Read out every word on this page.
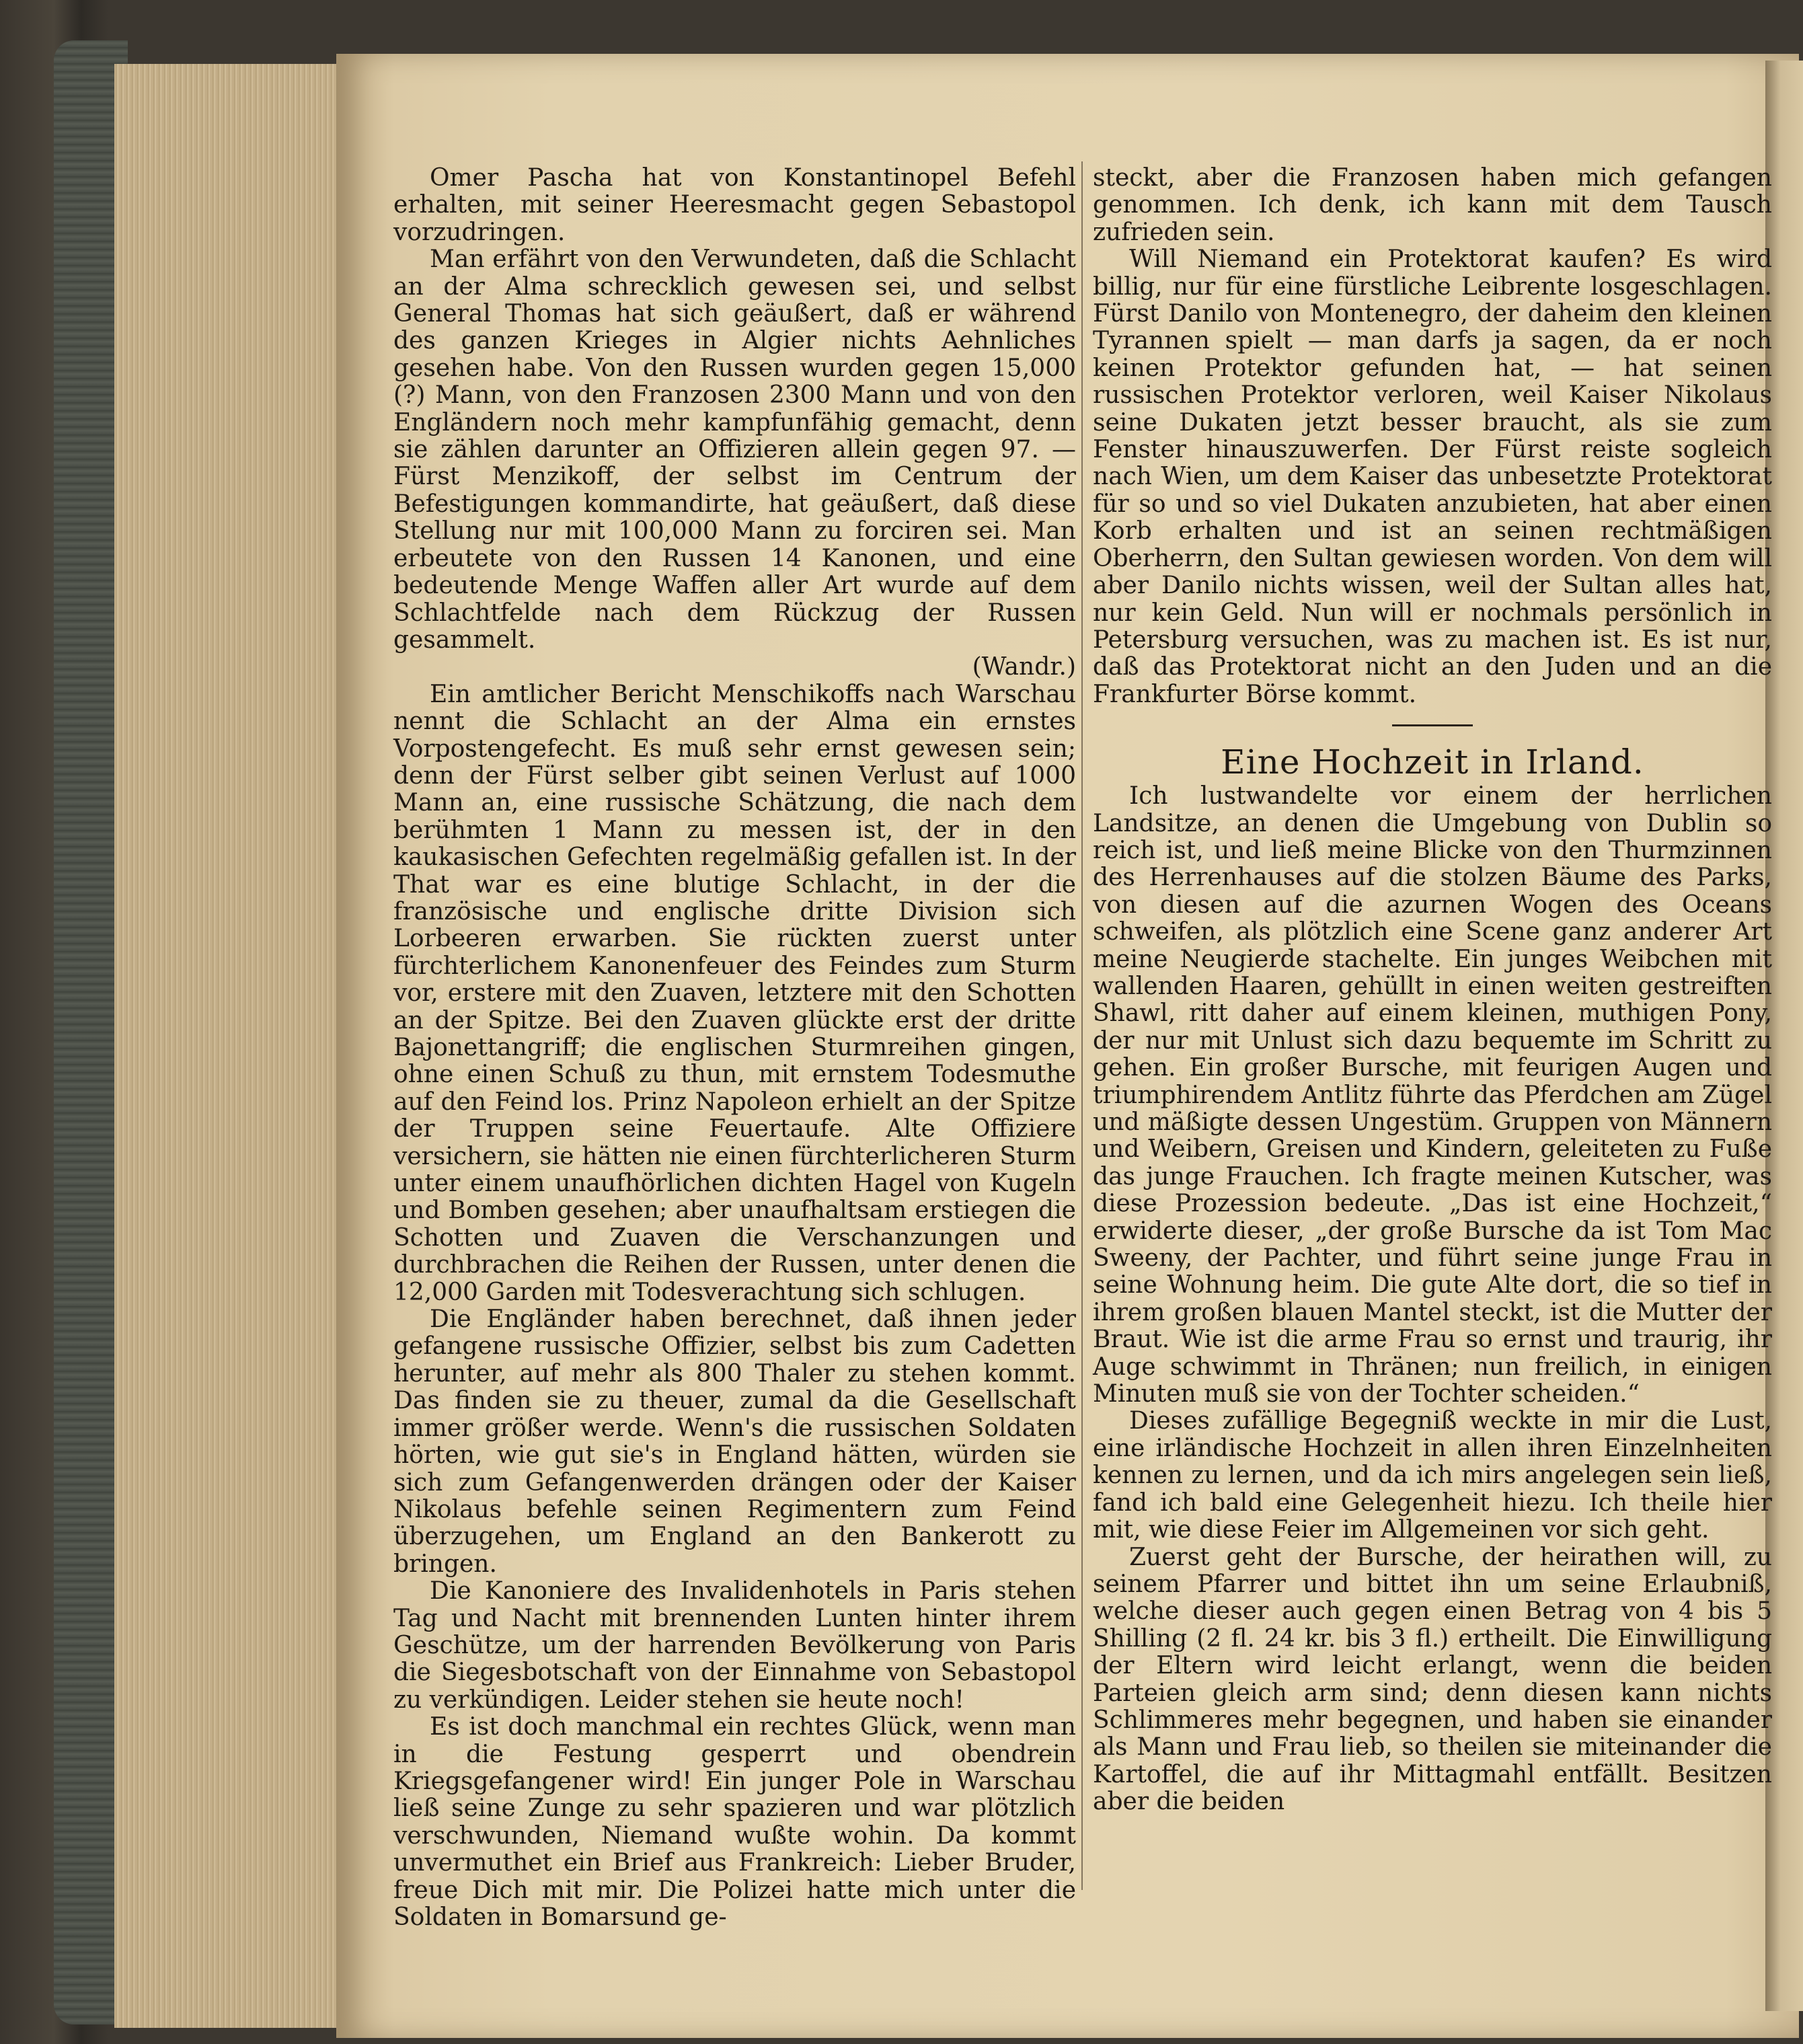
Omer Pascha hat von Konstantinopel Befehl erhalten, mit seiner Heeresmacht gegen Sebastopol vorzudringen.

Man erfährt von den Verwundeten, daß die Schlacht an der Alma schrecklich gewesen sei, und selbst General Thomas hat sich geäußert, daß er während des ganzen Krieges in Algier nichts Aehnliches gesehen habe. Von den Russen wurden gegen 15,000 (?) Mann, von den Franzosen 2300 Mann und von den Engländern noch mehr kampfunfähig gemacht, denn sie zählen darunter an Offizieren allein gegen 97. — Fürst Menzikoff, der selbst im Centrum der Befestigungen kommandirte, hat geäußert, daß diese Stellung nur mit 100,000 Mann zu forciren sei. Man erbeutete von den Russen 14 Kanonen, und eine bedeutende Menge Waffen aller Art wurde auf dem Schlachtfelde nach dem Rückzug der Russen gesammelt.

(Wandr.)

Ein amtlicher Bericht Menschikoffs nach Warschau nennt die Schlacht an der Alma ein ernstes Vorpostengefecht. Es muß sehr ernst gewesen sein; denn der Fürst selber gibt seinen Verlust auf 1000 Mann an, eine russische Schätzung, die nach dem berühmten 1 Mann zu messen ist, der in den kaukasischen Gefechten regelmäßig gefallen ist. In der That war es eine blutige Schlacht, in der die französische und englische dritte Division sich Lorbeeren erwarben. Sie rückten zuerst unter fürchterlichem Kanonenfeuer des Feindes zum Sturm vor, erstere mit den Zuaven, letztere mit den Schotten an der Spitze. Bei den Zuaven glückte erst der dritte Bajonettangriff; die englischen Sturmreihen gingen, ohne einen Schuß zu thun, mit ernstem Todesmuthe auf den Feind los. Prinz Napoleon erhielt an der Spitze der Truppen seine Feuertaufe. Alte Offiziere versichern, sie hätten nie einen fürchterlicheren Sturm unter einem unaufhörlichen dichten Hagel von Kugeln und Bomben gesehen; aber unaufhaltsam erstiegen die Schotten und Zuaven die Verschanzungen und durchbrachen die Reihen der Russen, unter denen die 12,000 Garden mit Todesverachtung sich schlugen.

Die Engländer haben berechnet, daß ihnen jeder gefangene russische Offizier, selbst bis zum Cadetten herunter, auf mehr als 800 Thaler zu stehen kommt. Das finden sie zu theuer, zumal da die Gesellschaft immer größer werde. Wenn's die russischen Soldaten hörten, wie gut sie's in England hätten, würden sie sich zum Gefangenwerden drängen oder der Kaiser Nikolaus befehle seinen Regimentern zum Feind überzugehen, um England an den Bankerott zu bringen.

Die Kanoniere des Invalidenhotels in Paris stehen Tag und Nacht mit brennenden Lunten hinter ihrem Geschütze, um der harrenden Bevölkerung von Paris die Siegesbotschaft von der Einnahme von Sebastopol zu verkündigen. Leider stehen sie heute noch!

Es ist doch manchmal ein rechtes Glück, wenn man in die Festung gesperrt und obendrein Kriegsgefangener wird! Ein junger Pole in Warschau ließ seine Zunge zu sehr spazieren und war plötzlich verschwunden, Niemand wußte wohin. Da kommt unvermuthet ein Brief aus Frankreich: Lieber Bruder, freue Dich mit mir. Die Polizei hatte mich unter die Soldaten in Bomarsund ge-

steckt, aber die Franzosen haben mich gefangen genommen. Ich denk, ich kann mit dem Tausch zufrieden sein.

Will Niemand ein Protektorat kaufen? Es wird billig, nur für eine fürstliche Leibrente losgeschlagen. Fürst Danilo von Montenegro, der daheim den kleinen Tyrannen spielt — man darfs ja sagen, da er noch keinen Protektor gefunden hat, — hat seinen russischen Protektor verloren, weil Kaiser Nikolaus seine Dukaten jetzt besser braucht, als sie zum Fenster hinauszuwerfen. Der Fürst reiste sogleich nach Wien, um dem Kaiser das unbesetzte Protektorat für so und so viel Dukaten anzubieten, hat aber einen Korb erhalten und ist an seinen rechtmäßigen Oberherrn, den Sultan gewiesen worden. Von dem will aber Danilo nichts wissen, weil der Sultan alles hat, nur kein Geld. Nun will er nochmals persönlich in Petersburg versuchen, was zu machen ist. Es ist nur, daß das Protektorat nicht an den Juden und an die Frankfurter Börse kommt.

Eine Hochzeit in Irland.

Ich lustwandelte vor einem der herrlichen Landsitze, an denen die Umgebung von Dublin so reich ist, und ließ meine Blicke von den Thurmzinnen des Herrenhauses auf die stolzen Bäume des Parks, von diesen auf die azurnen Wogen des Oceans schweifen, als plötzlich eine Scene ganz anderer Art meine Neugierde stachelte. Ein junges Weibchen mit wallenden Haaren, gehüllt in einen weiten gestreiften Shawl, ritt daher auf einem kleinen, muthigen Pony, der nur mit Unlust sich dazu bequemte im Schritt zu gehen. Ein großer Bursche, mit feurigen Augen und triumphirendem Antlitz führte das Pferdchen am Zügel und mäßigte dessen Ungestüm. Gruppen von Männern und Weibern, Greisen und Kindern, geleiteten zu Fuße das junge Frauchen. Ich fragte meinen Kutscher, was diese Prozession bedeute. „Das ist eine Hochzeit,“ erwiderte dieser, „der große Bursche da ist Tom Mac Sweeny, der Pachter, und führt seine junge Frau in seine Wohnung heim. Die gute Alte dort, die so tief in ihrem großen blauen Mantel steckt, ist die Mutter der Braut. Wie ist die arme Frau so ernst und traurig, ihr Auge schwimmt in Thränen; nun freilich, in einigen Minuten muß sie von der Tochter scheiden.“

Dieses zufällige Begegniß weckte in mir die Lust, eine irländische Hochzeit in allen ihren Einzelnheiten kennen zu lernen, und da ich mirs angelegen sein ließ, fand ich bald eine Gelegenheit hiezu. Ich theile hier mit, wie diese Feier im Allgemeinen vor sich geht.

Zuerst geht der Bursche, der heirathen will, zu seinem Pfarrer und bittet ihn um seine Erlaubniß, welche dieser auch gegen einen Betrag von 4 bis 5 Shilling (2 fl. 24 kr. bis 3 fl.) ertheilt. Die Einwilligung der Eltern wird leicht erlangt, wenn die beiden Parteien gleich arm sind; denn diesen kann nichts Schlimmeres mehr begegnen, und haben sie einander als Mann und Frau lieb, so theilen sie miteinander die Kartoffel, die auf ihr Mittagmahl entfällt. Besitzen aber die beiden
